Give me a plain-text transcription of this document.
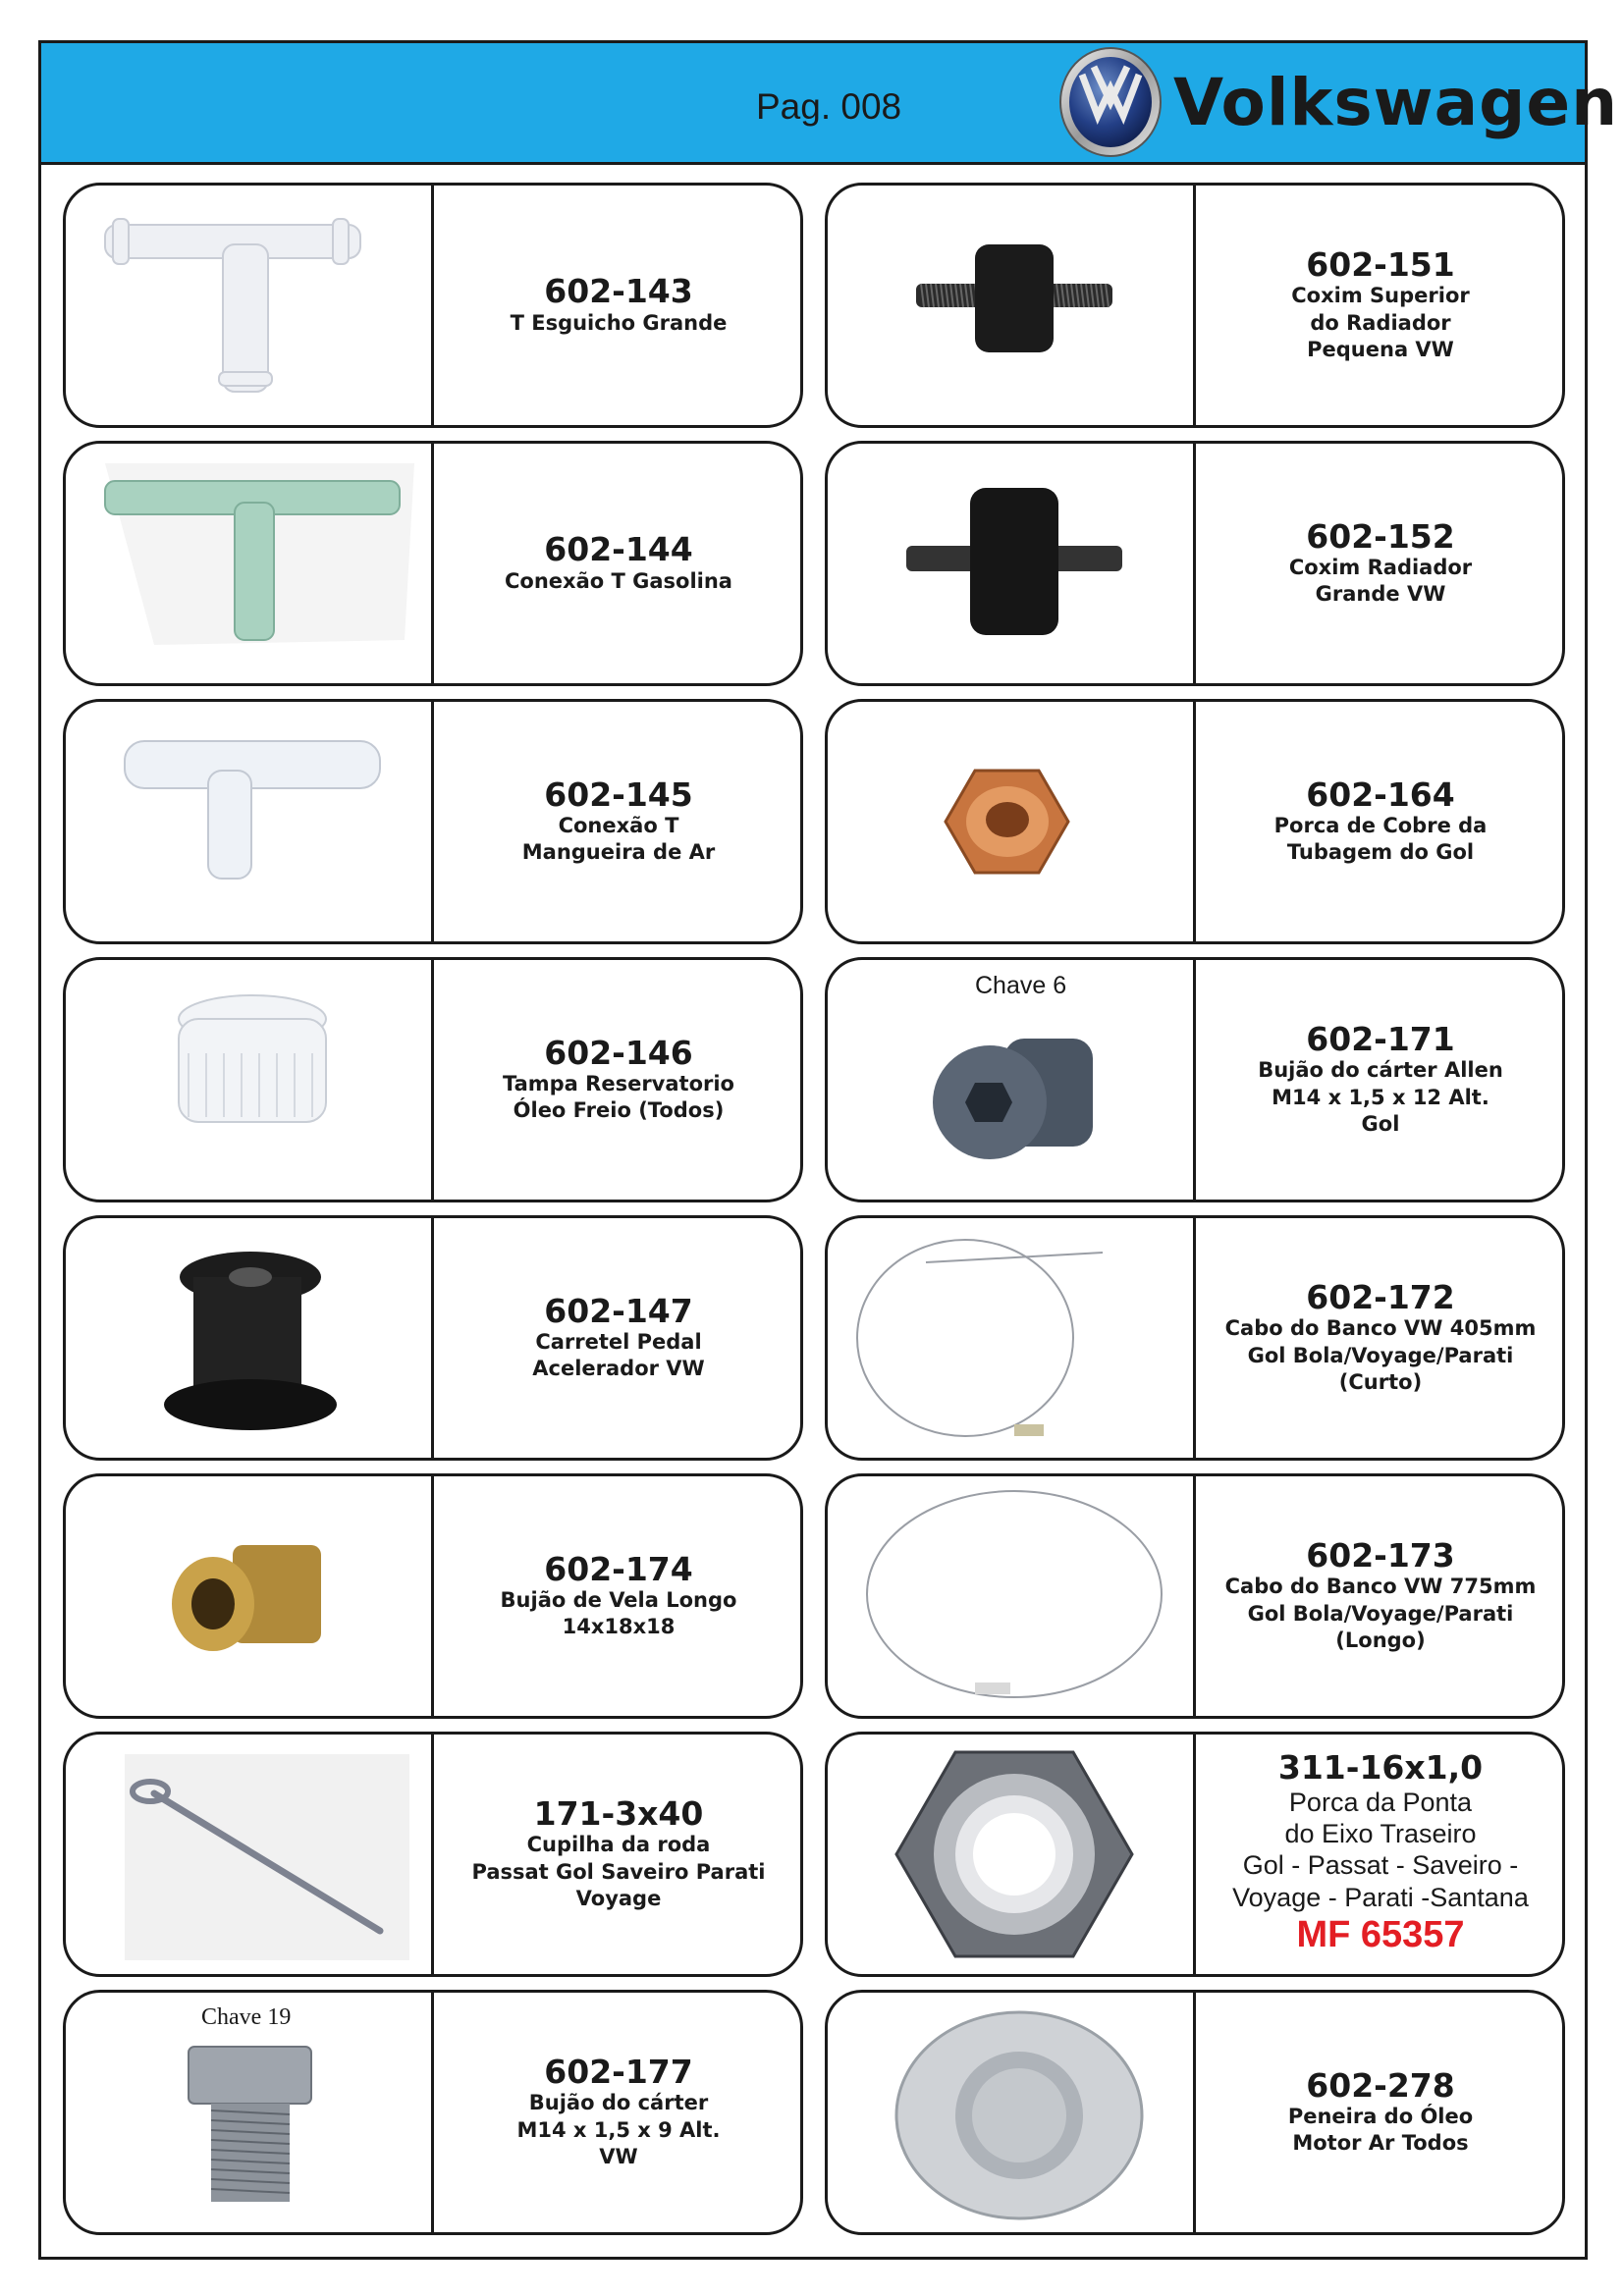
Pag. 008	Volkswagen
602-143
T Esguicho Grande
602-151
Coxim Superior
do Radiador
Pequena VW
602-144
Conexão T Gasolina
602-152
Coxim Radiador
Grande VW
602-145
Conexão T
Mangueira de Ar
602-164
Porca de Cobre da
Tubagem do Gol
602-146
Tampa Reservatorio
Óleo Freio (Todos)
602-171
Bujão do cárter Allen
M14 x 1,5 x 12 Alt.
Gol
Chave 6
602-147
Carretel Pedal
Acelerador VW
602-172
Cabo do Banco VW 405mm
Gol Bola/Voyage/Parati
(Curto)
602-174
Bujão de Vela Longo
14x18x18
602-173
Cabo do Banco VW 775mm
Gol Bola/Voyage/Parati
(Longo)
171-3x40
Cupilha da roda
Passat Gol Saveiro Parati
Voyage
311-16x1,0
Porca da Ponta
do Eixo Traseiro
Gol - Passat - Saveiro -
Voyage - Parati -Santana
MF 65357
602-177
Bujão do cárter
M14 x 1,5 x 9 Alt.
VW
Chave 19
602-278
Peneira do Óleo
Motor Ar Todos
